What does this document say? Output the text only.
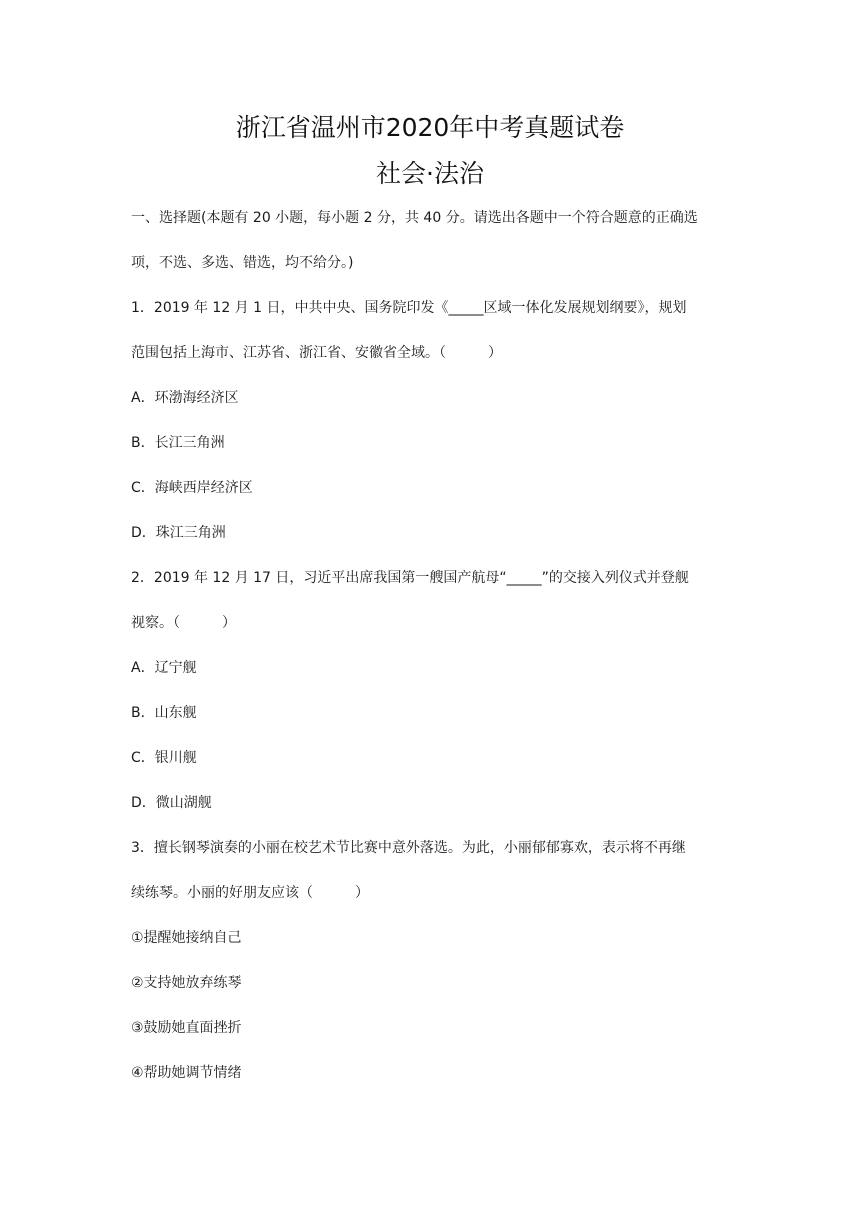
浙江省温州市2020年中考真题试卷
社会·法治
一、选择题(本题有 20 小题，每小题 2 分，共 40 分。请选出各题中一个符合题意的正确选
项，不选、多选、错选，均不给分。)
1．2019 年 12 月 1 日，中共中央、国务院印发《_____区域一体化发展规划纲要》，规划
范围包括上海市、江苏省、浙江省、安徽省全域。（　　　）
A．环渤海经济区
B．长江三角洲
C．海峡西岸经济区
D．珠江三角洲
2．2019 年 12 月 17 日，习近平出席我国第一艘国产航母“_____”的交接入列仪式并登舰
视察。（　　　）
A．辽宁舰
B．山东舰
C．银川舰
D．微山湖舰
3．擅长钢琴演奏的小丽在校艺术节比赛中意外落选。为此，小丽郁郁寡欢，表示将不再继
续练琴。小丽的好朋友应该（　　　）
①提醒她接纳自己
②支持她放弃练琴
③鼓励她直面挫折
④帮助她调节情绪
